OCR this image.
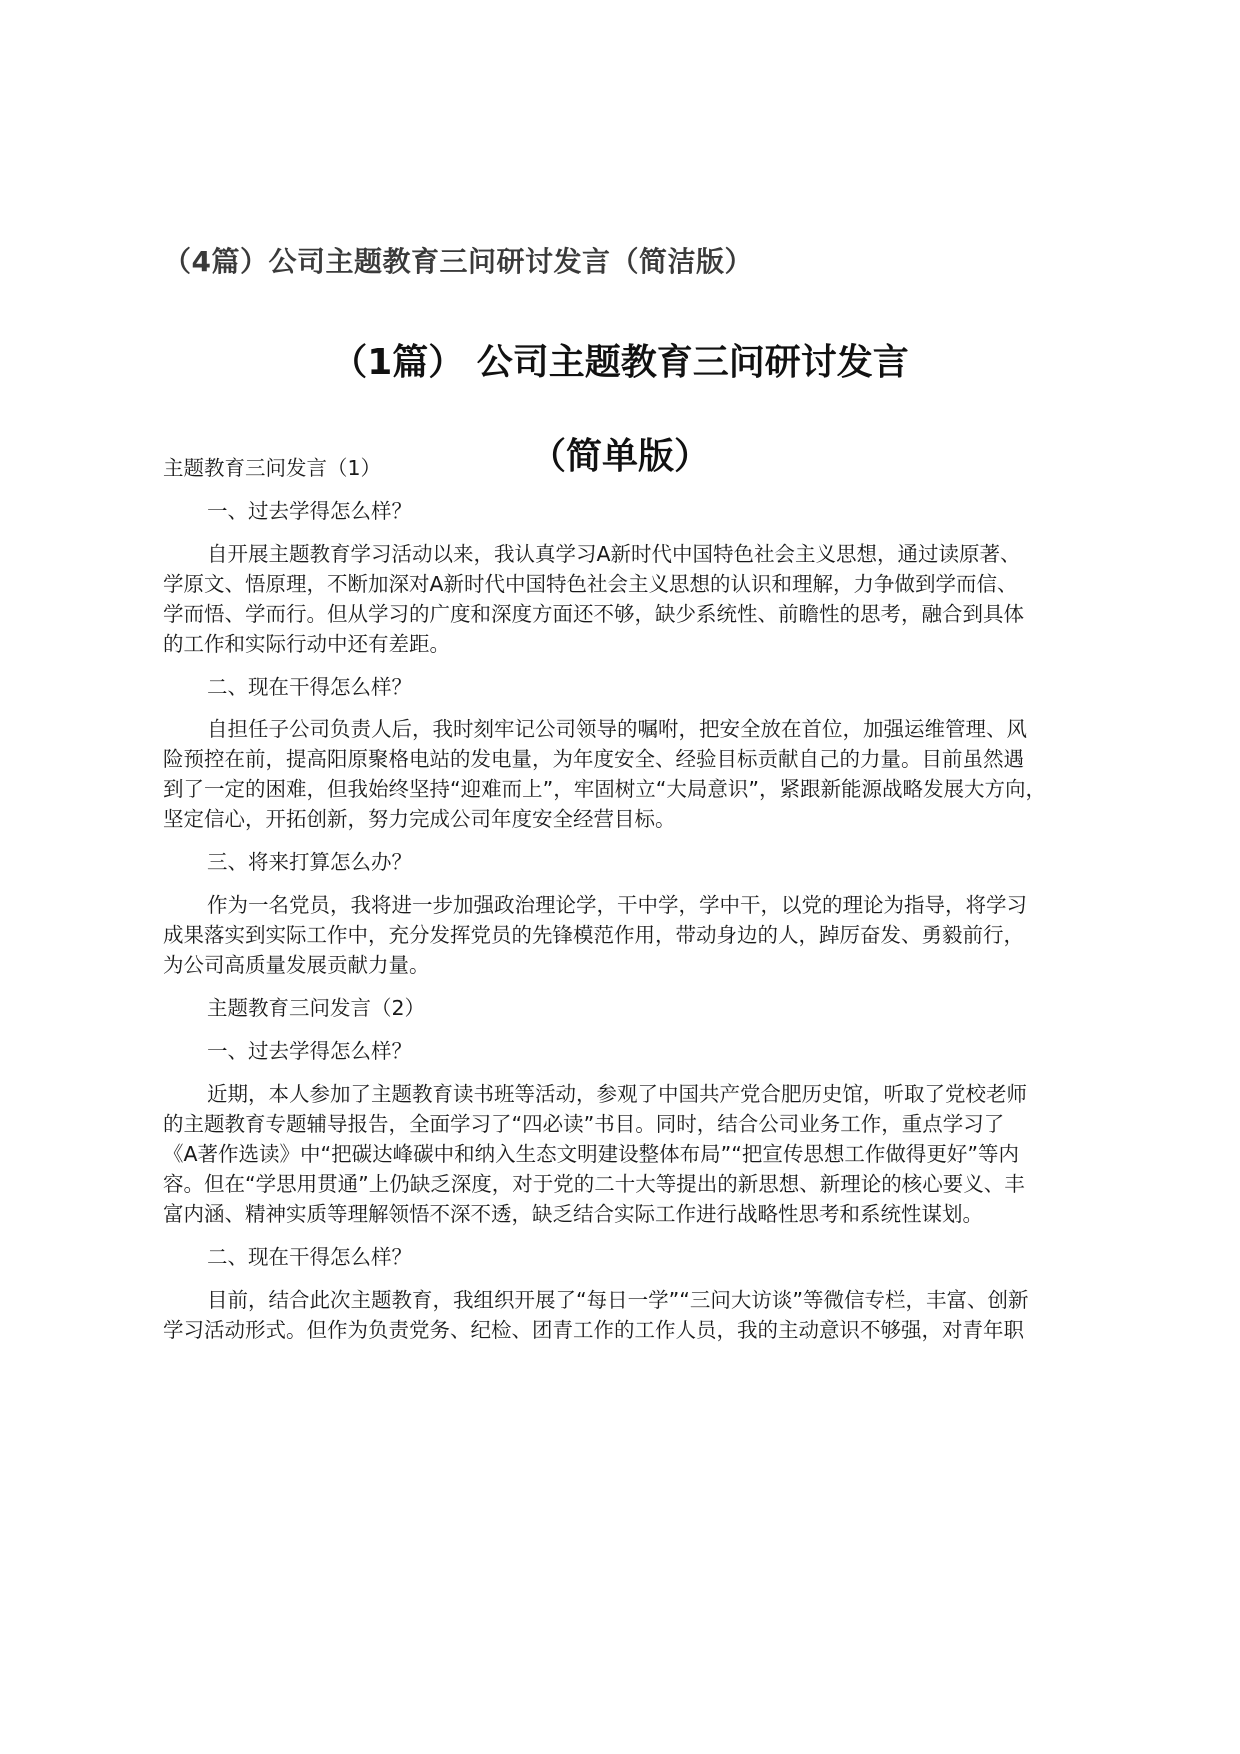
（4篇）公司主题教育三问研讨发言（简洁版）
（1篇） 公司主题教育三问研讨发言
（简单版）
主题教育三问发言（1）
一、过去学得怎么样？
自开展主题教育学习活动以来，我认真学习A新时代中国特色社会主义思想，通过读原著、
学原文、悟原理，不断加深对A新时代中国特色社会主义思想的认识和理解，力争做到学而信、
学而悟、学而行。但从学习的广度和深度方面还不够，缺少系统性、前瞻性的思考，融合到具体
的工作和实际行动中还有差距。
二、现在干得怎么样？
自担任子公司负责人后，我时刻牢记公司领导的嘱咐，把安全放在首位，加强运维管理、风
险预控在前，提高阳原聚格电站的发电量，为年度安全、经验目标贡献自己的力量。目前虽然遇
到了一定的困难，但我始终坚持“迎难而上”，牢固树立“大局意识”，紧跟新能源战略发展大方向，
坚定信心，开拓创新，努力完成公司年度安全经营目标。
三、将来打算怎么办？
作为一名党员，我将进一步加强政治理论学，干中学，学中干，以党的理论为指导，将学习
成果落实到实际工作中，充分发挥党员的先锋模范作用，带动身边的人，踔厉奋发、勇毅前行，
为公司高质量发展贡献力量。
主题教育三问发言（2）
一、过去学得怎么样？
近期，本人参加了主题教育读书班等活动，参观了中国共产党合肥历史馆，听取了党校老师
的主题教育专题辅导报告，全面学习了“四必读”书目。同时，结合公司业务工作，重点学习了
《A著作选读》中“把碳达峰碳中和纳入生态文明建设整体布局”“把宣传思想工作做得更好”等内
容。但在“学思用贯通”上仍缺乏深度，对于党的二十大等提出的新思想、新理论的核心要义、丰
富内涵、精神实质等理解领悟不深不透，缺乏结合实际工作进行战略性思考和系统性谋划。
二、现在干得怎么样？
目前，结合此次主题教育，我组织开展了“每日一学”“三问大访谈”等微信专栏，丰富、创新
学习活动形式。但作为负责党务、纪检、团青工作的工作人员，我的主动意识不够强，对青年职
